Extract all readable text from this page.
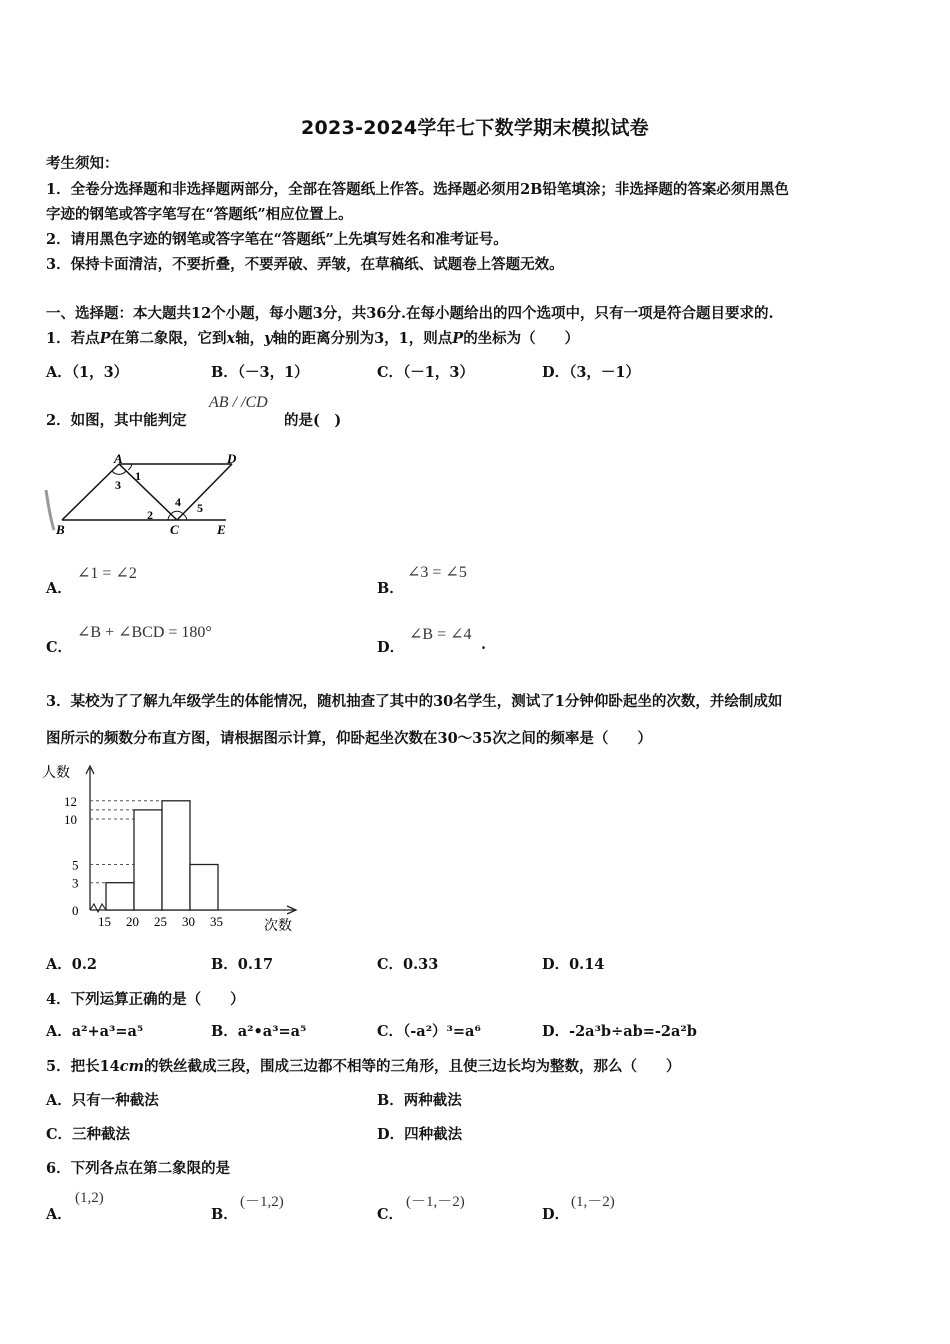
2023-2024学年七下数学期末模拟试卷
考生须知：
1．全卷分选择题和非选择题两部分，全部在答题纸上作答。选择题必须用2B铅笔填涂；非选择题的答案必须用黑色
字迹的钢笔或答字笔写在“答题纸”相应位置上。
2．请用黑色字迹的钢笔或答字笔在“答题纸”上先填写姓名和准考证号。
3．保持卡面清洁，不要折叠，不要弄破、弄皱，在草稿纸、试题卷上答题无效。
一、选择题：本大题共12个小题，每小题3分，共36分.在每小题给出的四个选项中，只有一项是符合题目要求的.
1．若点P在第二象限，它到x轴，y轴的距离分别为3，1，则点P的坐标为（　　）
A．（1，3）	B．（－3，1）	C．（－1，3）	D．（3，－1）
2．如图，其中能判定
AB / /CD
的是(　)
A	D
1
3
4
2	5
B	C	E
A．
∠1 = ∠2
B．
∠3 = ∠5
C．
∠B + ∠BCD = 180°
D．
∠B = ∠4
.
3．某校为了了解九年级学生的体能情况，随机抽查了其中的30名学生，测试了1分钟仰卧起坐的次数，并绘制成如
图所示的频数分布直方图，请根据图示计算，仰卧起坐次数在30～35次之间的频率是（　　）
人数
次数
0
3
5
10
12
15 20 25 30 35
A．0.2	B．0.17	C．0.33	D．0.14
4．下列运算正确的是（　　）
A．a²+a³=a⁵	B．a²•a³=a⁵	C．（-a²）³=a⁶	D．-2a³b÷ab=-2a²b
5．把长14cm的铁丝截成三段，围成三边都不相等的三角形，且使三边长均为整数，那么（　　）
A．只有一种截法	B．两种截法
C．三种截法	D．四种截法
6．下列各点在第二象限的是
A．
(1,2)
B．
(－1,2)
C．
(－1,－2)
D．
(1,－2)
